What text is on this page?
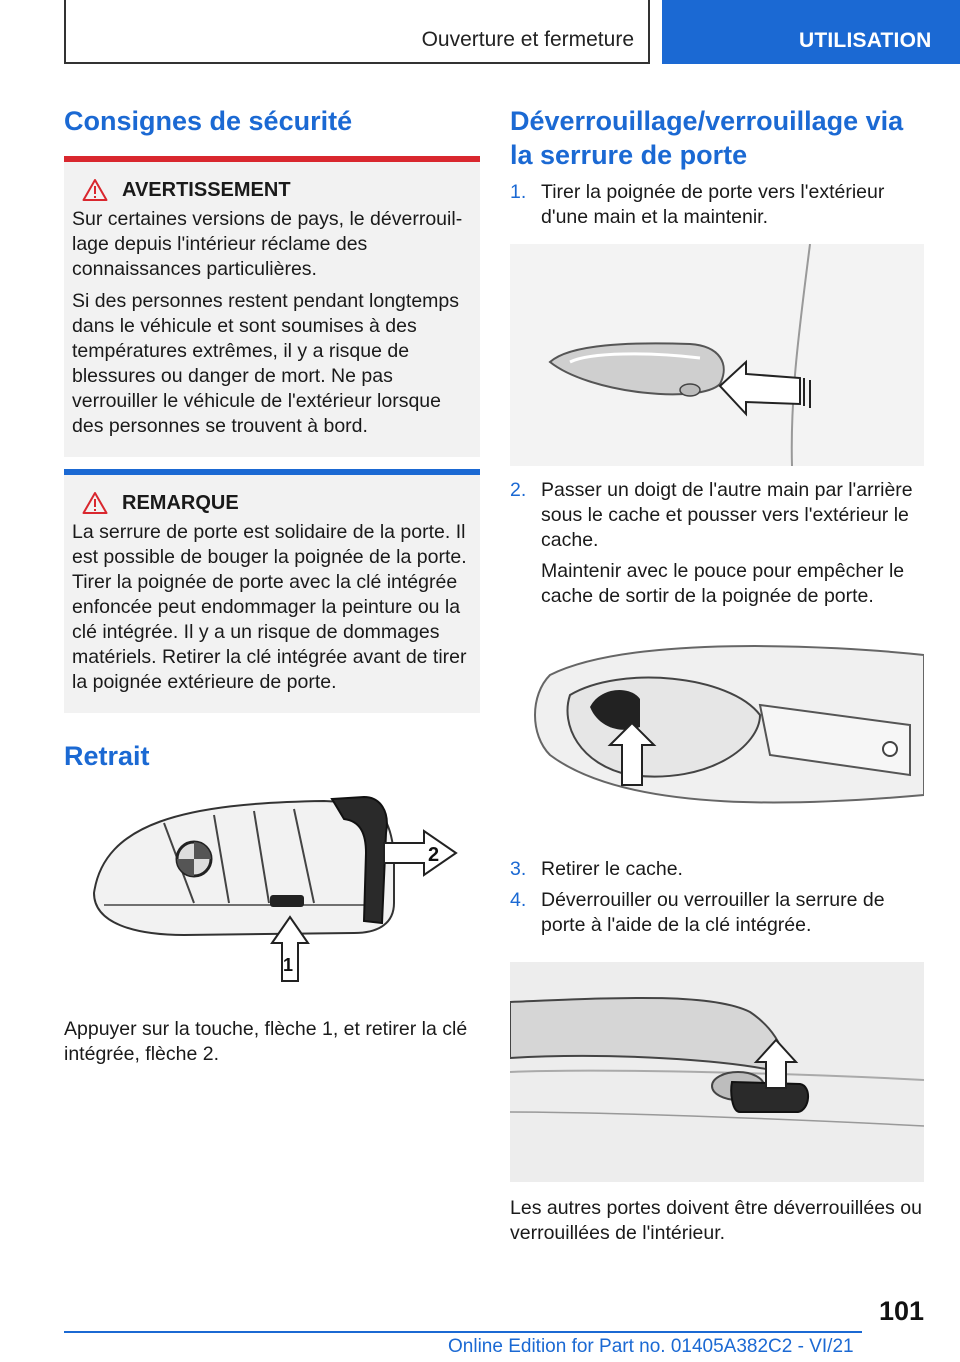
Ouverture et fermeture	UTILISATION
Consignes de sécurité
AVERTISSEMENT

Sur certaines versions de pays, le déverrouillage depuis l'intérieur réclame des connaissances particulières.

Si des personnes restent pendant longtemps dans le véhicule et sont soumises à des températures extrêmes, il y a risque de blessures ou danger de mort. Ne pas verrouiller le véhicule de l'extérieur lorsque des personnes se trouvent à bord.

REMARQUE

La serrure de porte est solidaire de la porte. Il est possible de bouger la poignée de la porte. Tirer la poignée de porte avec la clé intégrée enfoncée peut endommager la peinture ou la clé intégrée. Il y a un risque de dommages matériels. Retirer la clé intégrée avant de tirer la poignée extérieure de porte.

Retrait
2
1

Appuyer sur la touche, flèche 1, et retirer la clé intégrée, flèche 2.

Déverrouillage/verrouillage via la serrure de porte
1. Tirer la poignée de porte vers l'extérieur d'une main et la maintenir.

2. Passer un doigt de l'autre main par l'arrière sous le cache et pousser vers l'extérieur le cache.

Maintenir avec le pouce pour empêcher le cache de sortir de la poignée de porte.

3. Retirer le cache.

4. Déverrouiller ou verrouiller la serrure de porte à l'aide de la clé intégrée.

Les autres portes doivent être déverrouillées ou verrouillées de l'intérieur.

101
Online Edition for Part no. 01405A382C2 - VI/21
